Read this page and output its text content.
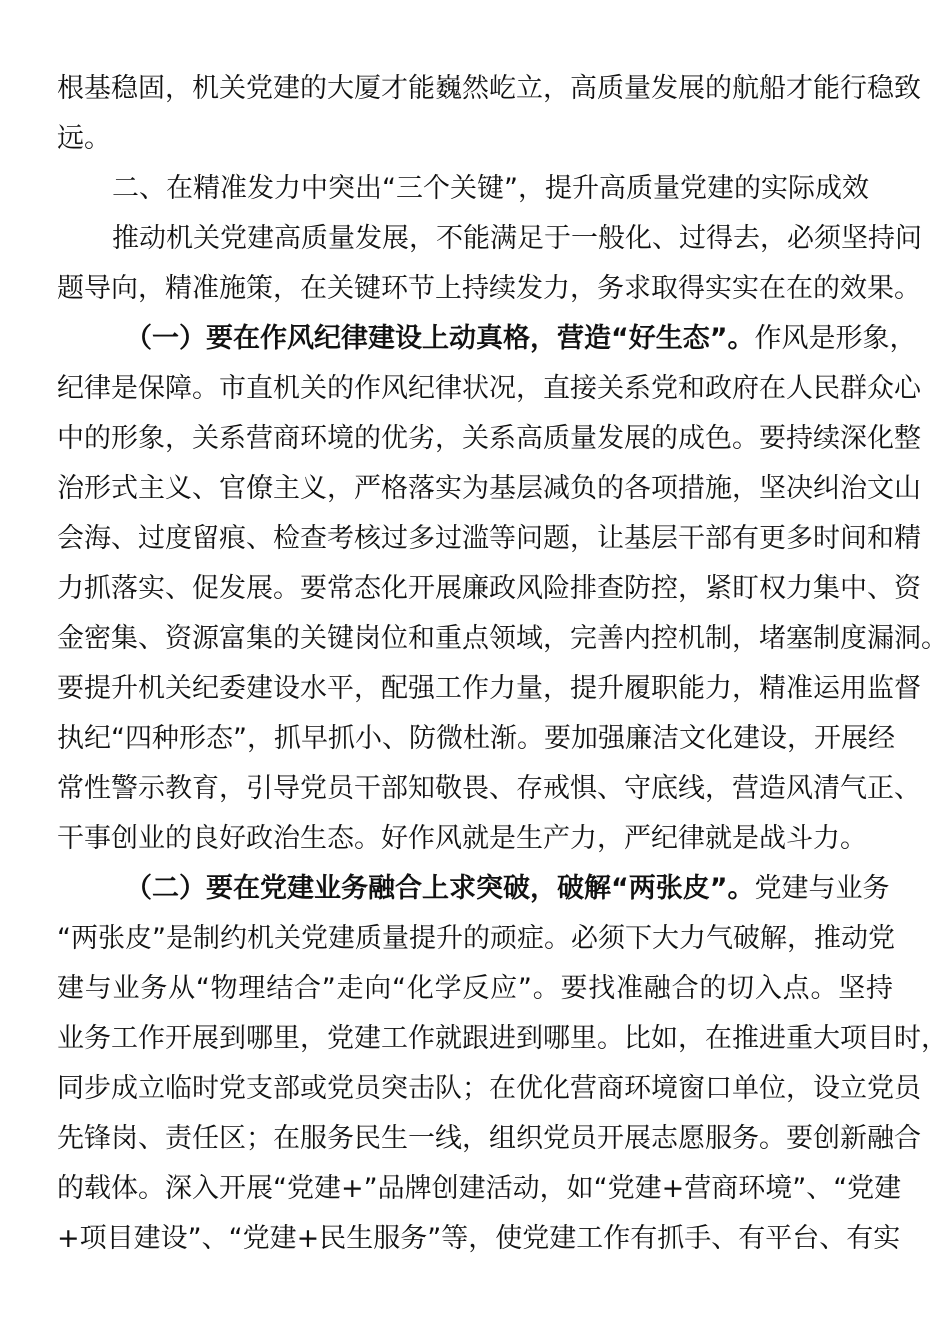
根基稳固，机关党建的大厦才能巍然屹立，高质量发展的航船才能行稳致
远。
二、在精准发力中突出“三个关键”，提升高质量党建的实际成效
推动机关党建高质量发展，不能满足于一般化、过得去，必须坚持问
题导向，精准施策，在关键环节上持续发力，务求取得实实在在的效果。
（一）要在作风纪律建设上动真格，营造“好生态”。作风是形象，
纪律是保障。市直机关的作风纪律状况，直接关系党和政府在人民群众心
中的形象，关系营商环境的优劣，关系高质量发展的成色。要持续深化整
治形式主义、官僚主义，严格落实为基层减负的各项措施，坚决纠治文山
会海、过度留痕、检查考核过多过滥等问题，让基层干部有更多时间和精
力抓落实、促发展。要常态化开展廉政风险排查防控，紧盯权力集中、资
金密集、资源富集的关键岗位和重点领域，完善内控机制，堵塞制度漏洞。
要提升机关纪委建设水平，配强工作力量，提升履职能力，精准运用监督
执纪“四种形态”，抓早抓小、防微杜渐。要加强廉洁文化建设，开展经
常性警示教育，引导党员干部知敬畏、存戒惧、守底线，营造风清气正、
干事创业的良好政治生态。好作风就是生产力，严纪律就是战斗力。
（二）要在党建业务融合上求突破，破解“两张皮”。党建与业务
“两张皮”是制约机关党建质量提升的顽症。必须下大力气破解，推动党
建与业务从“物理结合”走向“化学反应”。要找准融合的切入点。坚持
业务工作开展到哪里，党建工作就跟进到哪里。比如，在推进重大项目时，
同步成立临时党支部或党员突击队；在优化营商环境窗口单位，设立党员
先锋岗、责任区；在服务民生一线，组织党员开展志愿服务。要创新融合
的载体。深入开展“党建+”品牌创建活动，如“党建+营商环境”、“党建
+项目建设”、“党建+民生服务”等，使党建工作有抓手、有平台、有实
